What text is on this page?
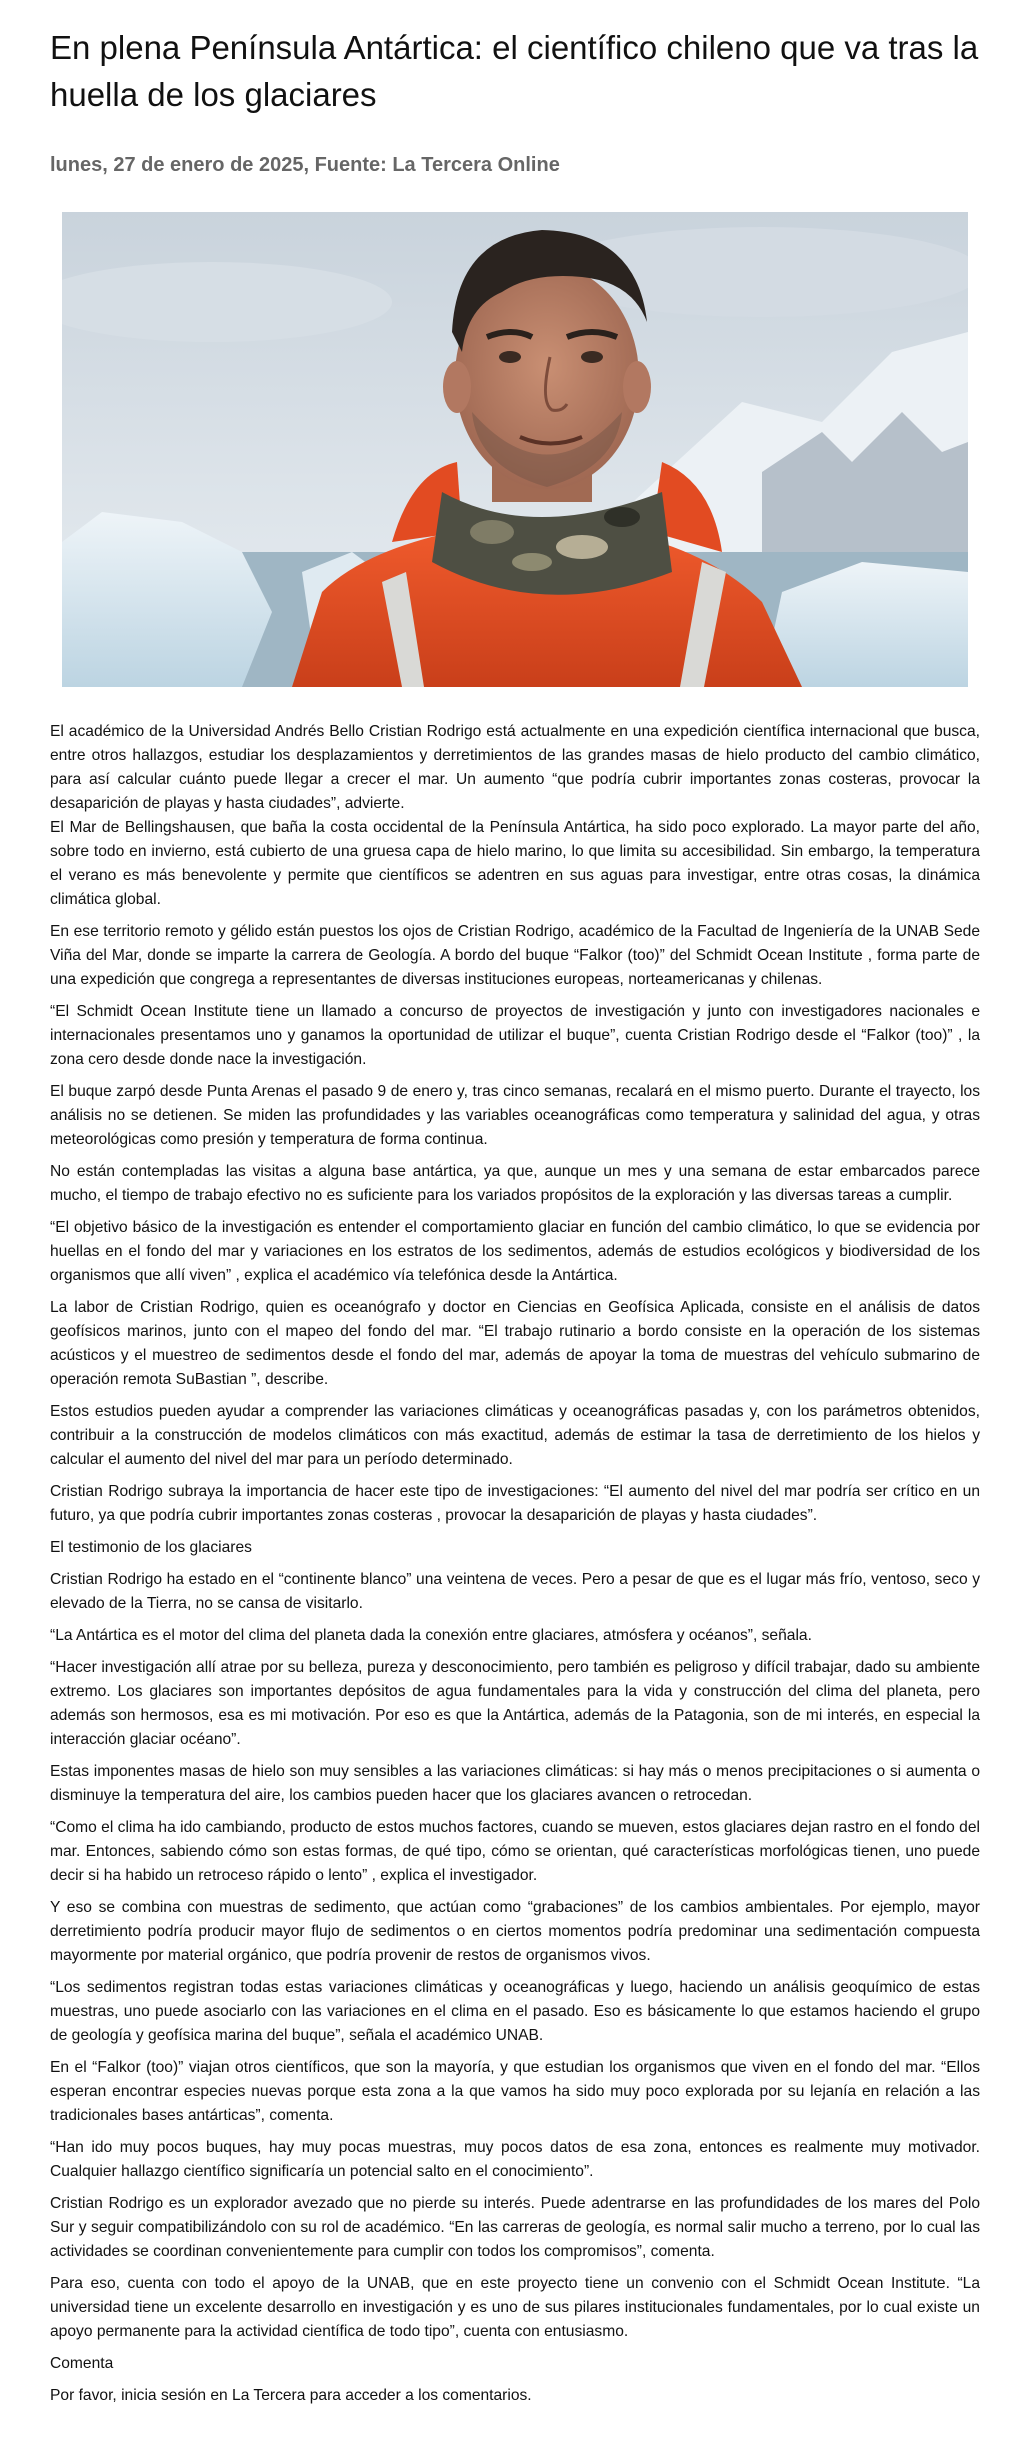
En plena Península Antártica: el científico chileno que va tras la huella de los glaciares
lunes, 27 de enero de 2025, Fuente: La Tercera Online

El académico de la Universidad Andrés Bello Cristian Rodrigo está actualmente en una expedición científica internacional que busca, entre otros hallazgos, estudiar los desplazamientos y derretimientos de las grandes masas de hielo producto del cambio climático, para así calcular cuánto puede llegar a crecer el mar. Un aumento “que podría cubrir importantes zonas costeras, provocar la desaparición de playas y hasta ciudades”, advierte.

El Mar de Bellingshausen, que baña la costa occidental de la Península Antártica, ha sido poco explorado. La mayor parte del año, sobre todo en invierno, está cubierto de una gruesa capa de hielo marino, lo que limita su accesibilidad. Sin embargo, la temperatura el verano es más benevolente y permite que científicos se adentren en sus aguas para investigar, entre otras cosas, la dinámica climática global.

En ese territorio remoto y gélido están puestos los ojos de Cristian Rodrigo, académico de la Facultad de Ingeniería de la UNAB Sede Viña del Mar, donde se imparte la carrera de Geología. A bordo del buque “Falkor (too)” del Schmidt Ocean Institute , forma parte de una expedición que congrega a representantes de diversas instituciones europeas, norteamericanas y chilenas.

“El Schmidt Ocean Institute tiene un llamado a concurso de proyectos de investigación y junto con investigadores nacionales e internacionales presentamos uno y ganamos la oportunidad de utilizar el buque”, cuenta Cristian Rodrigo desde el “Falkor (too)” , la zona cero desde donde nace la investigación.

El buque zarpó desde Punta Arenas el pasado 9 de enero y, tras cinco semanas, recalará en el mismo puerto. Durante el trayecto, los análisis no se detienen. Se miden las profundidades y las variables oceanográficas como temperatura y salinidad del agua, y otras meteorológicas como presión y temperatura de forma continua.

No están contempladas las visitas a alguna base antártica, ya que, aunque un mes y una semana de estar embarcados parece mucho, el tiempo de trabajo efectivo no es suficiente para los variados propósitos de la exploración y las diversas tareas a cumplir.

“El objetivo básico de la investigación es entender el comportamiento glaciar en función del cambio climático, lo que se evidencia por huellas en el fondo del mar y variaciones en los estratos de los sedimentos, además de estudios ecológicos y biodiversidad de los organismos que allí viven” , explica el académico vía telefónica desde la Antártica.

La labor de Cristian Rodrigo, quien es oceanógrafo y doctor en Ciencias en Geofísica Aplicada, consiste en el análisis de datos geofísicos marinos, junto con el mapeo del fondo del mar. “El trabajo rutinario a bordo consiste en la operación de los sistemas acústicos y el muestreo de sedimentos desde el fondo del mar, además de apoyar la toma de muestras del vehículo submarino de operación remota SuBastian ”, describe.

Estos estudios pueden ayudar a comprender las variaciones climáticas y oceanográficas pasadas y, con los parámetros obtenidos, contribuir a la construcción de modelos climáticos con más exactitud, además de estimar la tasa de derretimiento de los hielos y calcular el aumento del nivel del mar para un período determinado.

Cristian Rodrigo subraya la importancia de hacer este tipo de investigaciones: “El aumento del nivel del mar podría ser crítico en un futuro, ya que podría cubrir importantes zonas costeras , provocar la desaparición de playas y hasta ciudades”.

El testimonio de los glaciares

Cristian Rodrigo ha estado en el “continente blanco” una veintena de veces. Pero a pesar de que es el lugar más frío, ventoso, seco y elevado de la Tierra, no se cansa de visitarlo.

“La Antártica es el motor del clima del planeta dada la conexión entre glaciares, atmósfera y océanos”, señala.

“Hacer investigación allí atrae por su belleza, pureza y desconocimiento, pero también es peligroso y difícil trabajar, dado su ambiente extremo. Los glaciares son importantes depósitos de agua fundamentales para la vida y construcción del clima del planeta, pero además son hermosos, esa es mi motivación. Por eso es que la Antártica, además de la Patagonia, son de mi interés, en especial la interacción glaciar océano”.

Estas imponentes masas de hielo son muy sensibles a las variaciones climáticas: si hay más o menos precipitaciones o si aumenta o disminuye la temperatura del aire, los cambios pueden hacer que los glaciares avancen o retrocedan.

“Como el clima ha ido cambiando, producto de estos muchos factores, cuando se mueven, estos glaciares dejan rastro en el fondo del mar. Entonces, sabiendo cómo son estas formas, de qué tipo, cómo se orientan, qué características morfológicas tienen, uno puede decir si ha habido un retroceso rápido o lento” , explica el investigador.

Y eso se combina con muestras de sedimento, que actúan como “grabaciones” de los cambios ambientales. Por ejemplo, mayor derretimiento podría producir mayor flujo de sedimentos o en ciertos momentos podría predominar una sedimentación compuesta mayormente por material orgánico, que podría provenir de restos de organismos vivos.

“Los sedimentos registran todas estas variaciones climáticas y oceanográficas y luego, haciendo un análisis geoquímico de estas muestras, uno puede asociarlo con las variaciones en el clima en el pasado. Eso es básicamente lo que estamos haciendo el grupo de geología y geofísica marina del buque”, señala el académico UNAB.

En el “Falkor (too)” viajan otros científicos, que son la mayoría, y que estudian los organismos que viven en el fondo del mar. “Ellos esperan encontrar especies nuevas porque esta zona a la que vamos ha sido muy poco explorada por su lejanía en relación a las tradicionales bases antárticas”, comenta.

“Han ido muy pocos buques, hay muy pocas muestras, muy pocos datos de esa zona, entonces es realmente muy motivador. Cualquier hallazgo científico significaría un potencial salto en el conocimiento”.

Cristian Rodrigo es un explorador avezado que no pierde su interés. Puede adentrarse en las profundidades de los mares del Polo Sur y seguir compatibilizándolo con su rol de académico. “En las carreras de geología, es normal salir mucho a terreno, por lo cual las actividades se coordinan convenientemente para cumplir con todos los compromisos”, comenta.

Para eso, cuenta con todo el apoyo de la UNAB, que en este proyecto tiene un convenio con el Schmidt Ocean Institute. “La universidad tiene un excelente desarrollo en investigación y es uno de sus pilares institucionales fundamentales, por lo cual existe un apoyo permanente para la actividad científica de todo tipo”, cuenta con entusiasmo.

Comenta

Por favor, inicia sesión en La Tercera para acceder a los comentarios.
